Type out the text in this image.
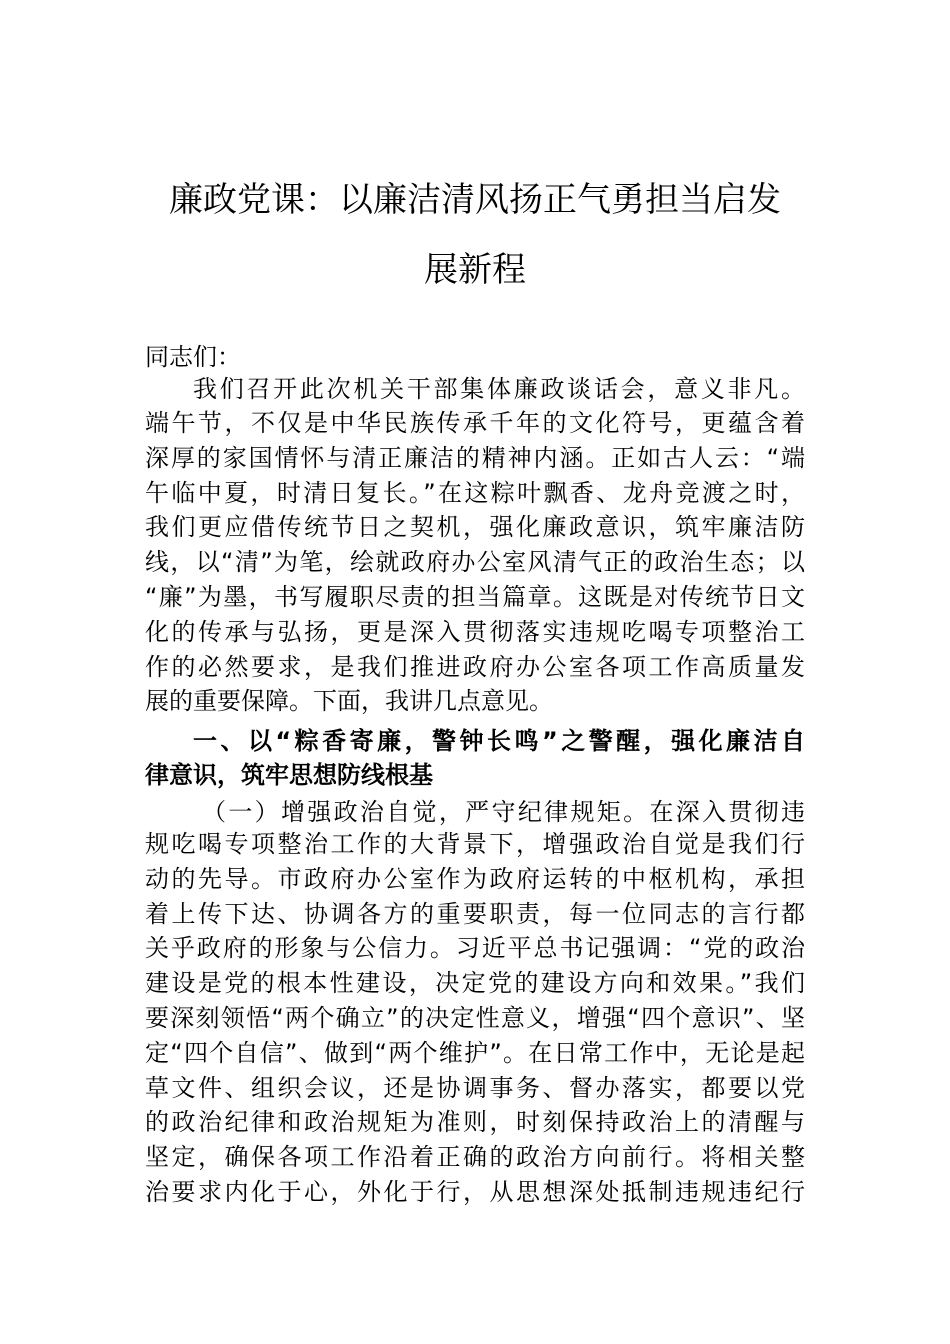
廉政党课：以廉洁清风扬正气勇担当启发
展新程

同志们：

我们召开此次机关干部集体廉政谈话会，意义非凡。

端午节，不仅是中华民族传承千年的文化符号，更蕴含着

深厚的家国情怀与清正廉洁的精神内涵。正如古人云：“端

午临中夏，时清日复长。”在这粽叶飘香、龙舟竞渡之时，

我们更应借传统节日之契机，强化廉政意识，筑牢廉洁防

线，以“清”为笔，绘就政府办公室风清气正的政治生态；以

“廉”为墨，书写履职尽责的担当篇章。这既是对传统节日文

化的传承与弘扬，更是深入贯彻落实违规吃喝专项整治工

作的必然要求，是我们推进政府办公室各项工作高质量发

展的重要保障。下面，我讲几点意见。

一、以“粽香寄廉，警钟长鸣”之警醒，强化廉洁自

律意识，筑牢思想防线根基

（一）增强政治自觉，严守纪律规矩。在深入贯彻违

规吃喝专项整治工作的大背景下，增强政治自觉是我们行

动的先导。市政府办公室作为政府运转的中枢机构，承担

着上传下达、协调各方的重要职责，每一位同志的言行都

关乎政府的形象与公信力。习近平总书记强调：“党的政治

建设是党的根本性建设，决定党的建设方向和效果。”我们

要深刻领悟“两个确立”的决定性意义，增强“四个意识”、坚

定“四个自信”、做到“两个维护”。在日常工作中，无论是起

草文件、组织会议，还是协调事务、督办落实，都要以党

的政治纪律和政治规矩为准则，时刻保持政治上的清醒与

坚定，确保各项工作沿着正确的政治方向前行。将相关整

治要求内化于心，外化于行，从思想深处抵制违规违纪行
